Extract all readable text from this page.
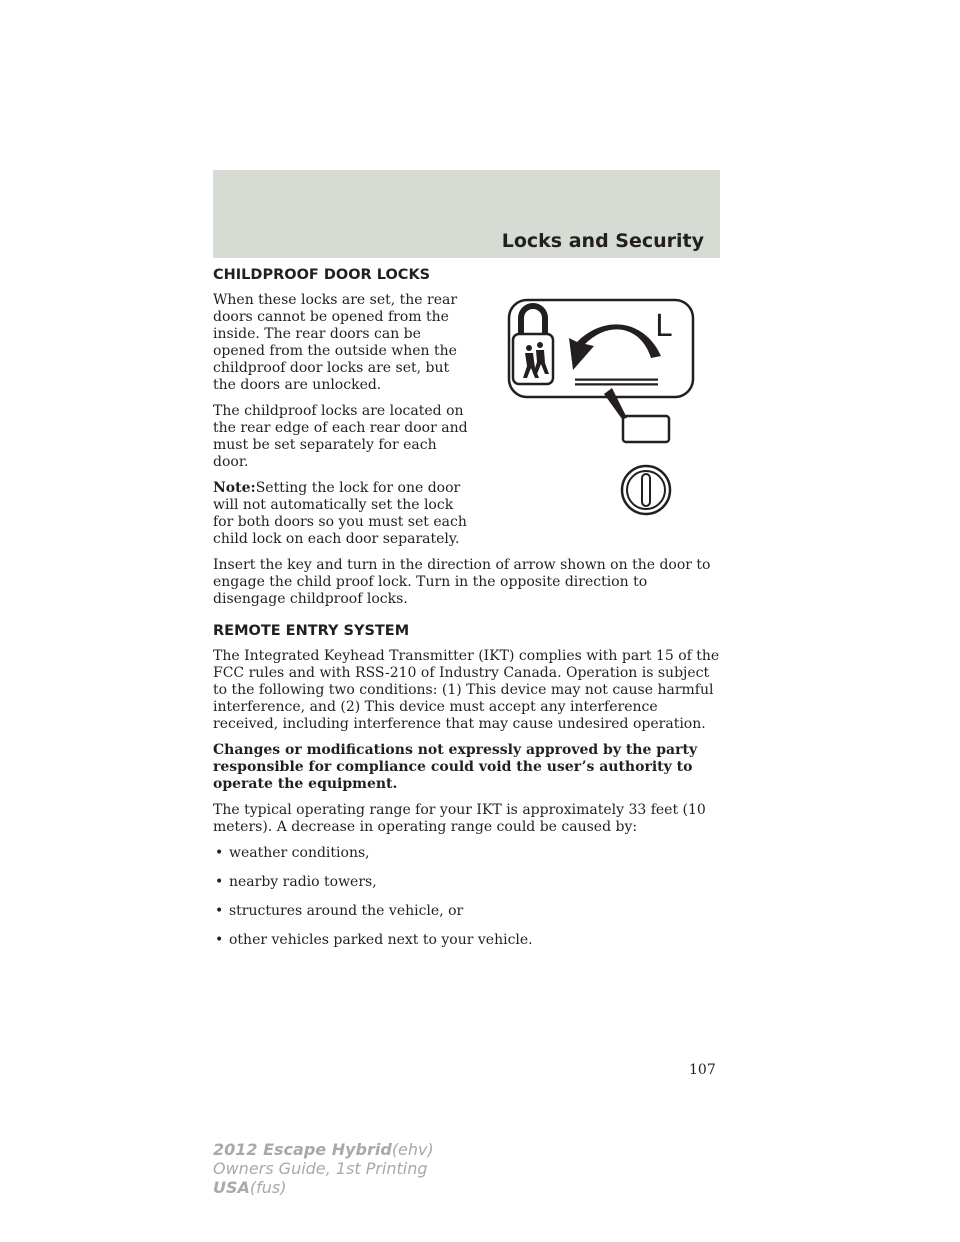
Locks and Security
CHILDPROOF DOOR LOCKS

When these locks are set, the rear doors cannot be opened from the inside. The rear doors can be opened from the outside when the childproof door locks are set, but the doors are unlocked.

The childproof locks are located on the rear edge of each rear door and must be set separately for each door.

Note:Setting the lock for one door will not automatically set the lock for both doors so you must set each child lock on each door separately.

Insert the key and turn in the direction of arrow shown on the door to engage the child proof lock. Turn in the opposite direction to disengage childproof locks.

REMOTE ENTRY SYSTEM

The Integrated Keyhead Transmitter (IKT) complies with part 15 of the FCC rules and with RSS-210 of Industry Canada. Operation is subject to the following two conditions: (1) This device may not cause harmful interference, and (2) This device must accept any interference received, including interference that may cause undesired operation.

Changes or modifications not expressly approved by the party responsible for compliance could void the user’s authority to operate the equipment.

The typical operating range for your IKT is approximately 33 feet (10 meters). A decrease in operating range could be caused by:

• weather conditions,
• nearby radio towers,
• structures around the vehicle, or
• other vehicles parked next to your vehicle.
L

107

2012 Escape Hybrid(ehv)

Owners Guide, 1st Printing

USA(fus)
